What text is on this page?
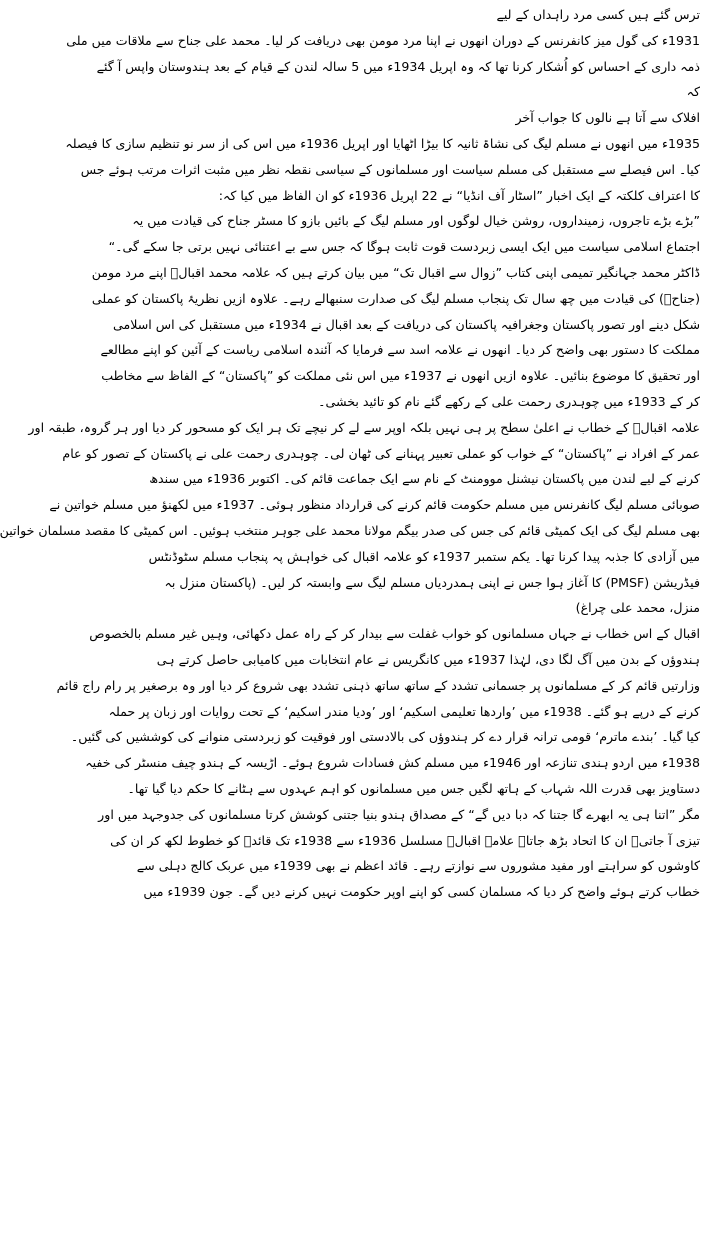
ترس گئے ہیں کسی مرد راہداں کے لیے
1931ء کی گول میز کانفرنس کے دوران انھوں نے اپنا مرد مومن بھی دریافت کر لیا۔ محمد علی جناح سے ملاقات میں ملی
ذمہ داری کے احساس کو اُشکار کرنا تھا کہ وہ اپریل 1934ء میں 5 سالہ لندن کے قیام کے بعد ہندوستان واپس آ گئے
کہ
افلاک سے آتا ہے نالوں کا جواب آخر
1935ء میں انھوں نے مسلم لیگ کی نشاۃ ثانیہ کا بیڑا اٹھایا اور اپریل 1936ء میں اس کی از سر نو تنظیم سازی کا فیصلہ
کیا۔ اس فیصلے سے مستقبل کی مسلم سیاست اور مسلمانوں کے سیاسی نقطہ نظر میں مثبت اثرات مرتب ہوئے جس
کا اعتراف کلکتہ کے ایک اخبار ”اسٹار آف انڈیا“ نے 22 اپریل 1936ء کو ان الفاظ میں کیا کہ:
”بڑے بڑے تاجروں، زمینداروں، روشن خیال لوگوں اور مسلم لیگ کے بائیں بازو کا مسٹر جناح کی قیادت میں یہ
اجتماع اسلامی سیاست میں ایک ایسی زبردست قوت ثابت ہوگا کہ جس سے بے اعتنائی نہیں برتی جا سکے گی۔“
ڈاکٹر محمد جہانگیر تمیمی اپنی کتاب ”زوال سے اقبال تک“ میں بیان کرتے ہیں کہ علامہ محمد اقبالؒ اپنے مرد مومن
(جناحؒ) کی قیادت میں چھ سال تک پنجاب مسلم لیگ کی صدارت سنبھالے رہے۔ علاوہ ازیں نظریۂ پاکستان کو عملی
شکل دینے اور تصور پاکستان وجغرافیہ پاکستان کی دریافت کے بعد اقبال نے 1934ء میں مستقبل کی اس اسلامی
مملکت کا دستور بھی واضح کر دیا۔ انھوں نے علامہ اسد سے فرمایا کہ آئندہ اسلامی ریاست کے آئین کو اپنے مطالعے
اور تحقیق کا موضوع بنائیں۔ علاوہ ازیں انھوں نے 1937ء میں اس نئی مملکت کو ”پاکستان“ کے الفاظ سے مخاطب
کر کے 1933ء میں چوہدری رحمت علی کے رکھے گئے نام کو تائید بخشی۔
علامہ اقبالؒ کے خطاب نے اعلیٰ سطح پر ہی نہیں بلکہ اوپر سے لے کر نیچے تک ہر ایک کو مسحور کر دیا اور ہر گروہ، طبقہ اور
عمر کے افراد نے ”پاکستان“ کے خواب کو عملی تعبیر پہنانے کی ٹھان لی۔ چوہدری رحمت علی نے پاکستان کے تصور کو عام
کرنے کے لیے لندن میں پاکستان نیشنل موومنٹ کے نام سے ایک جماعت قائم کی۔ اکتوبر 1936ء میں سندھ
صوبائی مسلم لیگ کانفرنس میں مسلم حکومت قائم کرنے کی قرارداد منظور ہوئی۔ 1937ء میں لکھنؤ میں مسلم خواتین نے
بھی مسلم لیگ کی ایک کمیٹی قائم کی جس کی صدر بیگم مولانا محمد علی جوہر منتخب ہوئیں۔ اس کمیٹی کا مقصد مسلمان خواتین
میں آزادی کا جذبہ پیدا کرنا تھا۔ یکم ستمبر 1937ء کو علامہ اقبال کی خواہش پہ پنجاب مسلم سٹوڈنٹس
فیڈریشن (PMSF) کا آغاز ہوا جس نے اپنی ہمدردیاں مسلم لیگ سے وابستہ کر لیں۔ (پاکستان منزل بہ
منزل، محمد علی چراغ)
اقبال کے اس خطاب نے جہاں مسلمانوں کو خواب غفلت سے بیدار کر کے راہ عمل دکھائی، وہیں غیر مسلم بالخصوص
ہندوؤں کے بدن میں آگ لگا دی، لہٰذا 1937ء میں کانگریس نے عام انتخابات میں کامیابی حاصل کرتے ہی
وزارتیں قائم کر کے مسلمانوں پر جسمانی تشدد کے ساتھ ساتھ ذہنی تشدد بھی شروع کر دیا اور وہ برصغیر پر رام راج قائم
کرنے کے درپے ہو گئے۔ 1938ء میں ’واردھا تعلیمی اسکیم‘ اور ’ودیا مندر اسکیم‘ کے تحت روایات اور زبان پر حملہ
کیا گیا۔ ’بندے ماترم‘ قومی ترانہ قرار دے کر ہندوؤں کی بالادستی اور فوقیت کو زبردستی منوانے کی کوششیں کی گئیں۔
1938ء میں اردو ہندی تنازعہ اور 1946ء میں مسلم کش فسادات شروع ہوئے۔ اڑیسہ کے ہندو چیف منسٹر کی خفیہ
دستاویز بھی قدرت اللہ شہاب کے ہاتھ لگیں جس میں مسلمانوں کو اہم عہدوں سے ہٹانے کا حکم دیا گیا تھا۔
مگر ”اتنا ہی یہ ابھرے گا جتنا کہ دبا دیں گے“ کے مصداق ہندو بنیا جتنی کوشش کرتا مسلمانوں کی جدوجہد میں اور
تیزی آ جاتی۔ ان کا اتحاد بڑھ جاتا۔ علامہ اقبالؒ مسلسل 1936ء سے 1938ء تک قائدؒ کو خطوط لکھ کر ان کی
کاوشوں کو سراہتے اور مفید مشوروں سے نوازتے رہے۔ قائد اعظم نے بھی 1939ء میں عربک کالج دہلی سے
خطاب کرتے ہوئے واضح کر دیا کہ مسلمان کسی کو اپنے اوپر حکومت نہیں کرنے دیں گے۔ جون 1939ء میں
